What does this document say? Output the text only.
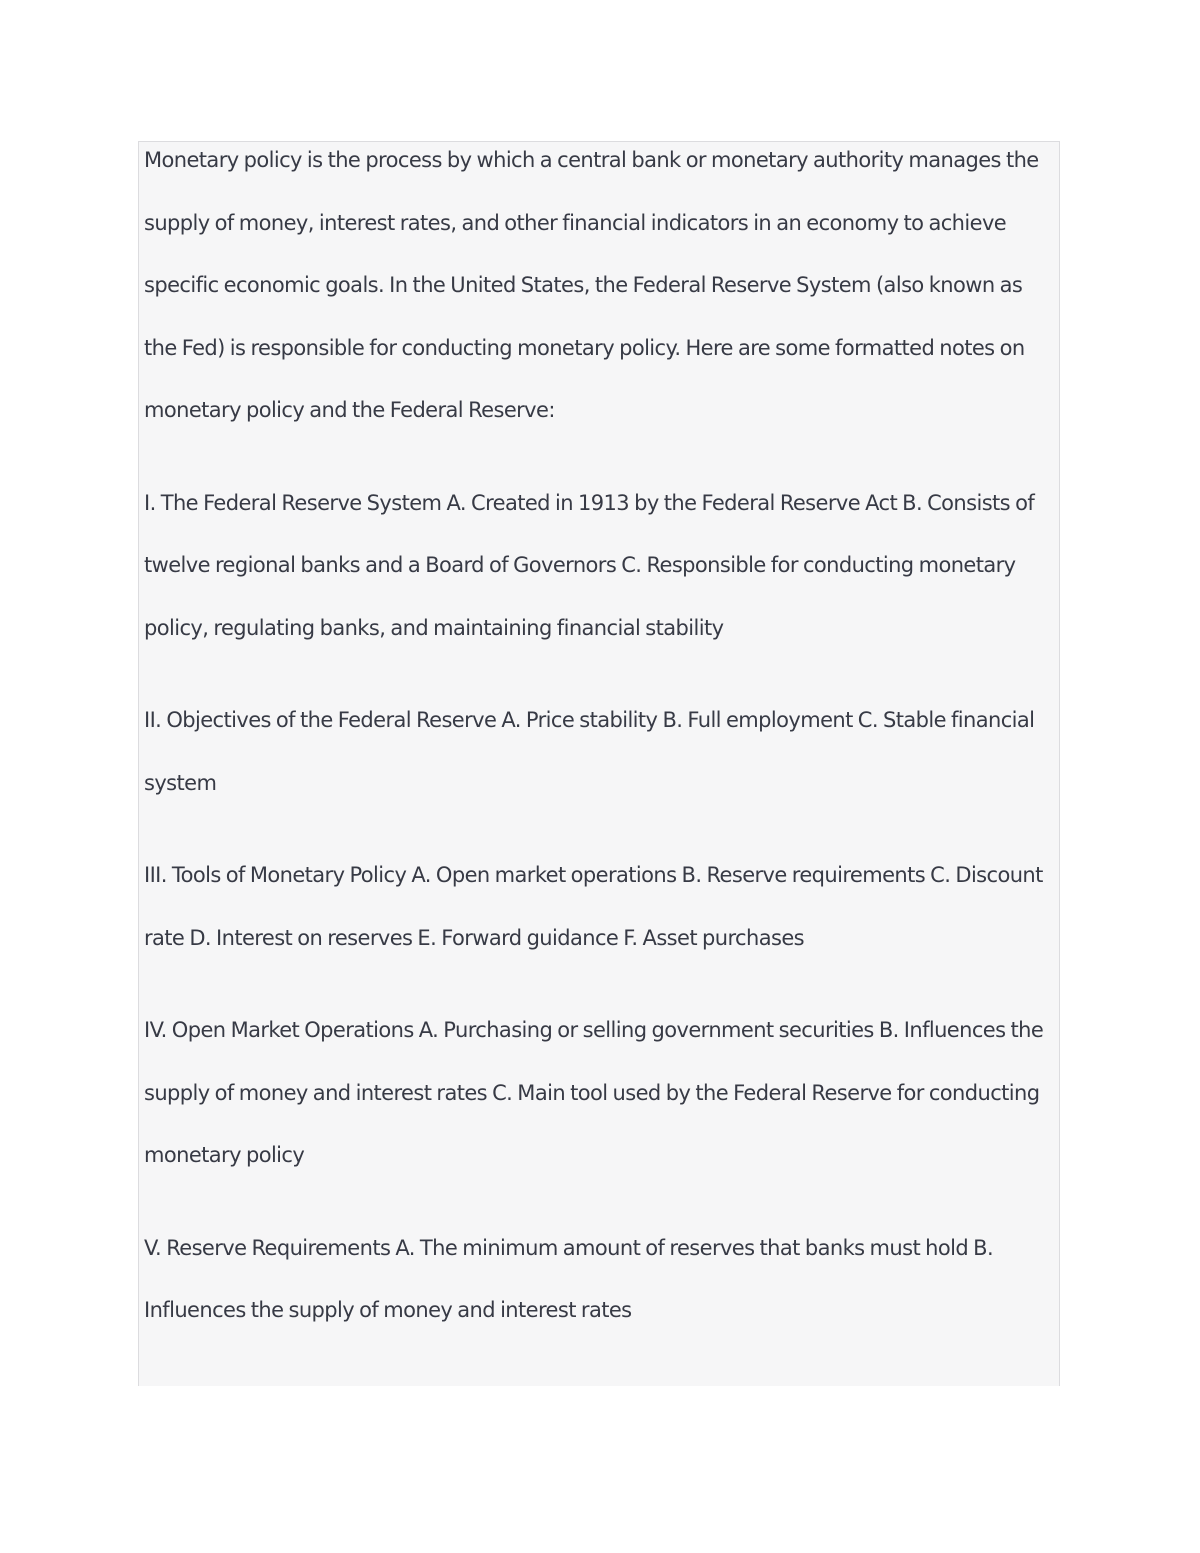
Monetary policy is the process by which a central bank or monetary authority manages the supply of money, interest rates, and other financial indicators in an economy to achieve specific economic goals. In the United States, the Federal Reserve System (also known as the Fed) is responsible for conducting monetary policy. Here are some formatted notes on monetary policy and the Federal Reserve:

I. The Federal Reserve System A. Created in 1913 by the Federal Reserve Act B. Consists of twelve regional banks and a Board of Governors C. Responsible for conducting monetary policy, regulating banks, and maintaining financial stability

II. Objectives of the Federal Reserve A. Price stability B. Full employment C. Stable financial system

III. Tools of Monetary Policy A. Open market operations B. Reserve requirements C. Discount rate D. Interest on reserves E. Forward guidance F. Asset purchases

IV. Open Market Operations A. Purchasing or selling government securities B. Influences the supply of money and interest rates C. Main tool used by the Federal Reserve for conducting monetary policy

V. Reserve Requirements A. The minimum amount of reserves that banks must hold B. Influences the supply of money and interest rates
